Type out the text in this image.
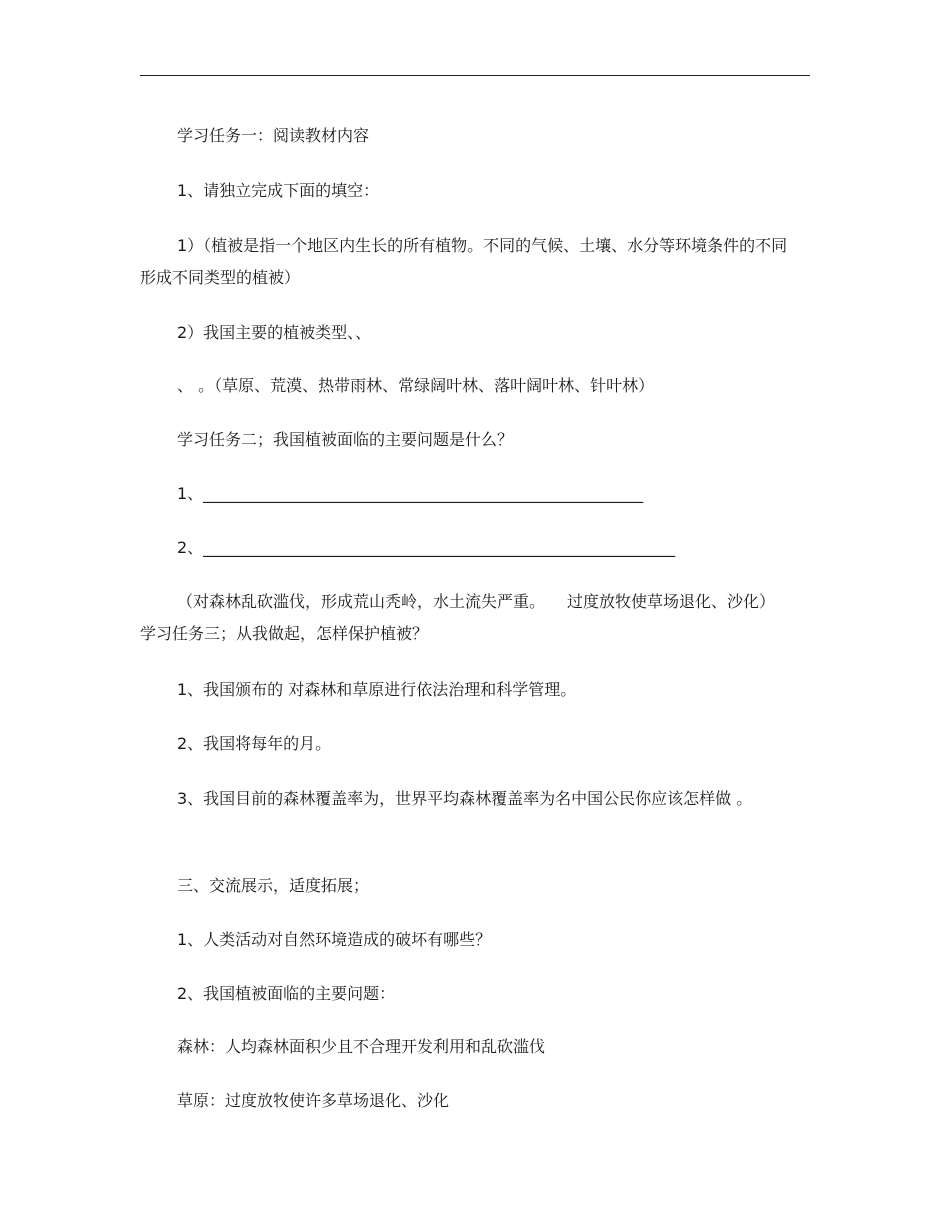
学习任务一：阅读教材内容
1、请独立完成下面的填空：
1）（植被是指一个地区内生长的所有植物。不同的气候、土壤、水分等环境条件的不同形成不同类型的植被）
2）我国主要的植被类型、、
、 。（草原、荒漠、热带雨林、常绿阔叶林、落叶阔叶林、针叶林）
学习任务二；我国植被面临的主要问题是什么？
1、_______________________________________________________
2、___________________________________________________________
（对森林乱砍滥伐，形成荒山秃岭，水土流失严重。 过度放牧使草场退化、沙化） 学习任务三；从我做起，怎样保护植被？
1、我国颁布的 对森林和草原进行依法治理和科学管理。
2、我国将每年的月。
3、我国目前的森林覆盖率为，世界平均森林覆盖率为名中国公民你应该怎样做 。
三、交流展示，适度拓展；
1、人类活动对自然环境造成的破坏有哪些？
2、我国植被面临的主要问题：
森林：人均森林面积少且不合理开发利用和乱砍滥伐
草原：过度放牧使许多草场退化、沙化
